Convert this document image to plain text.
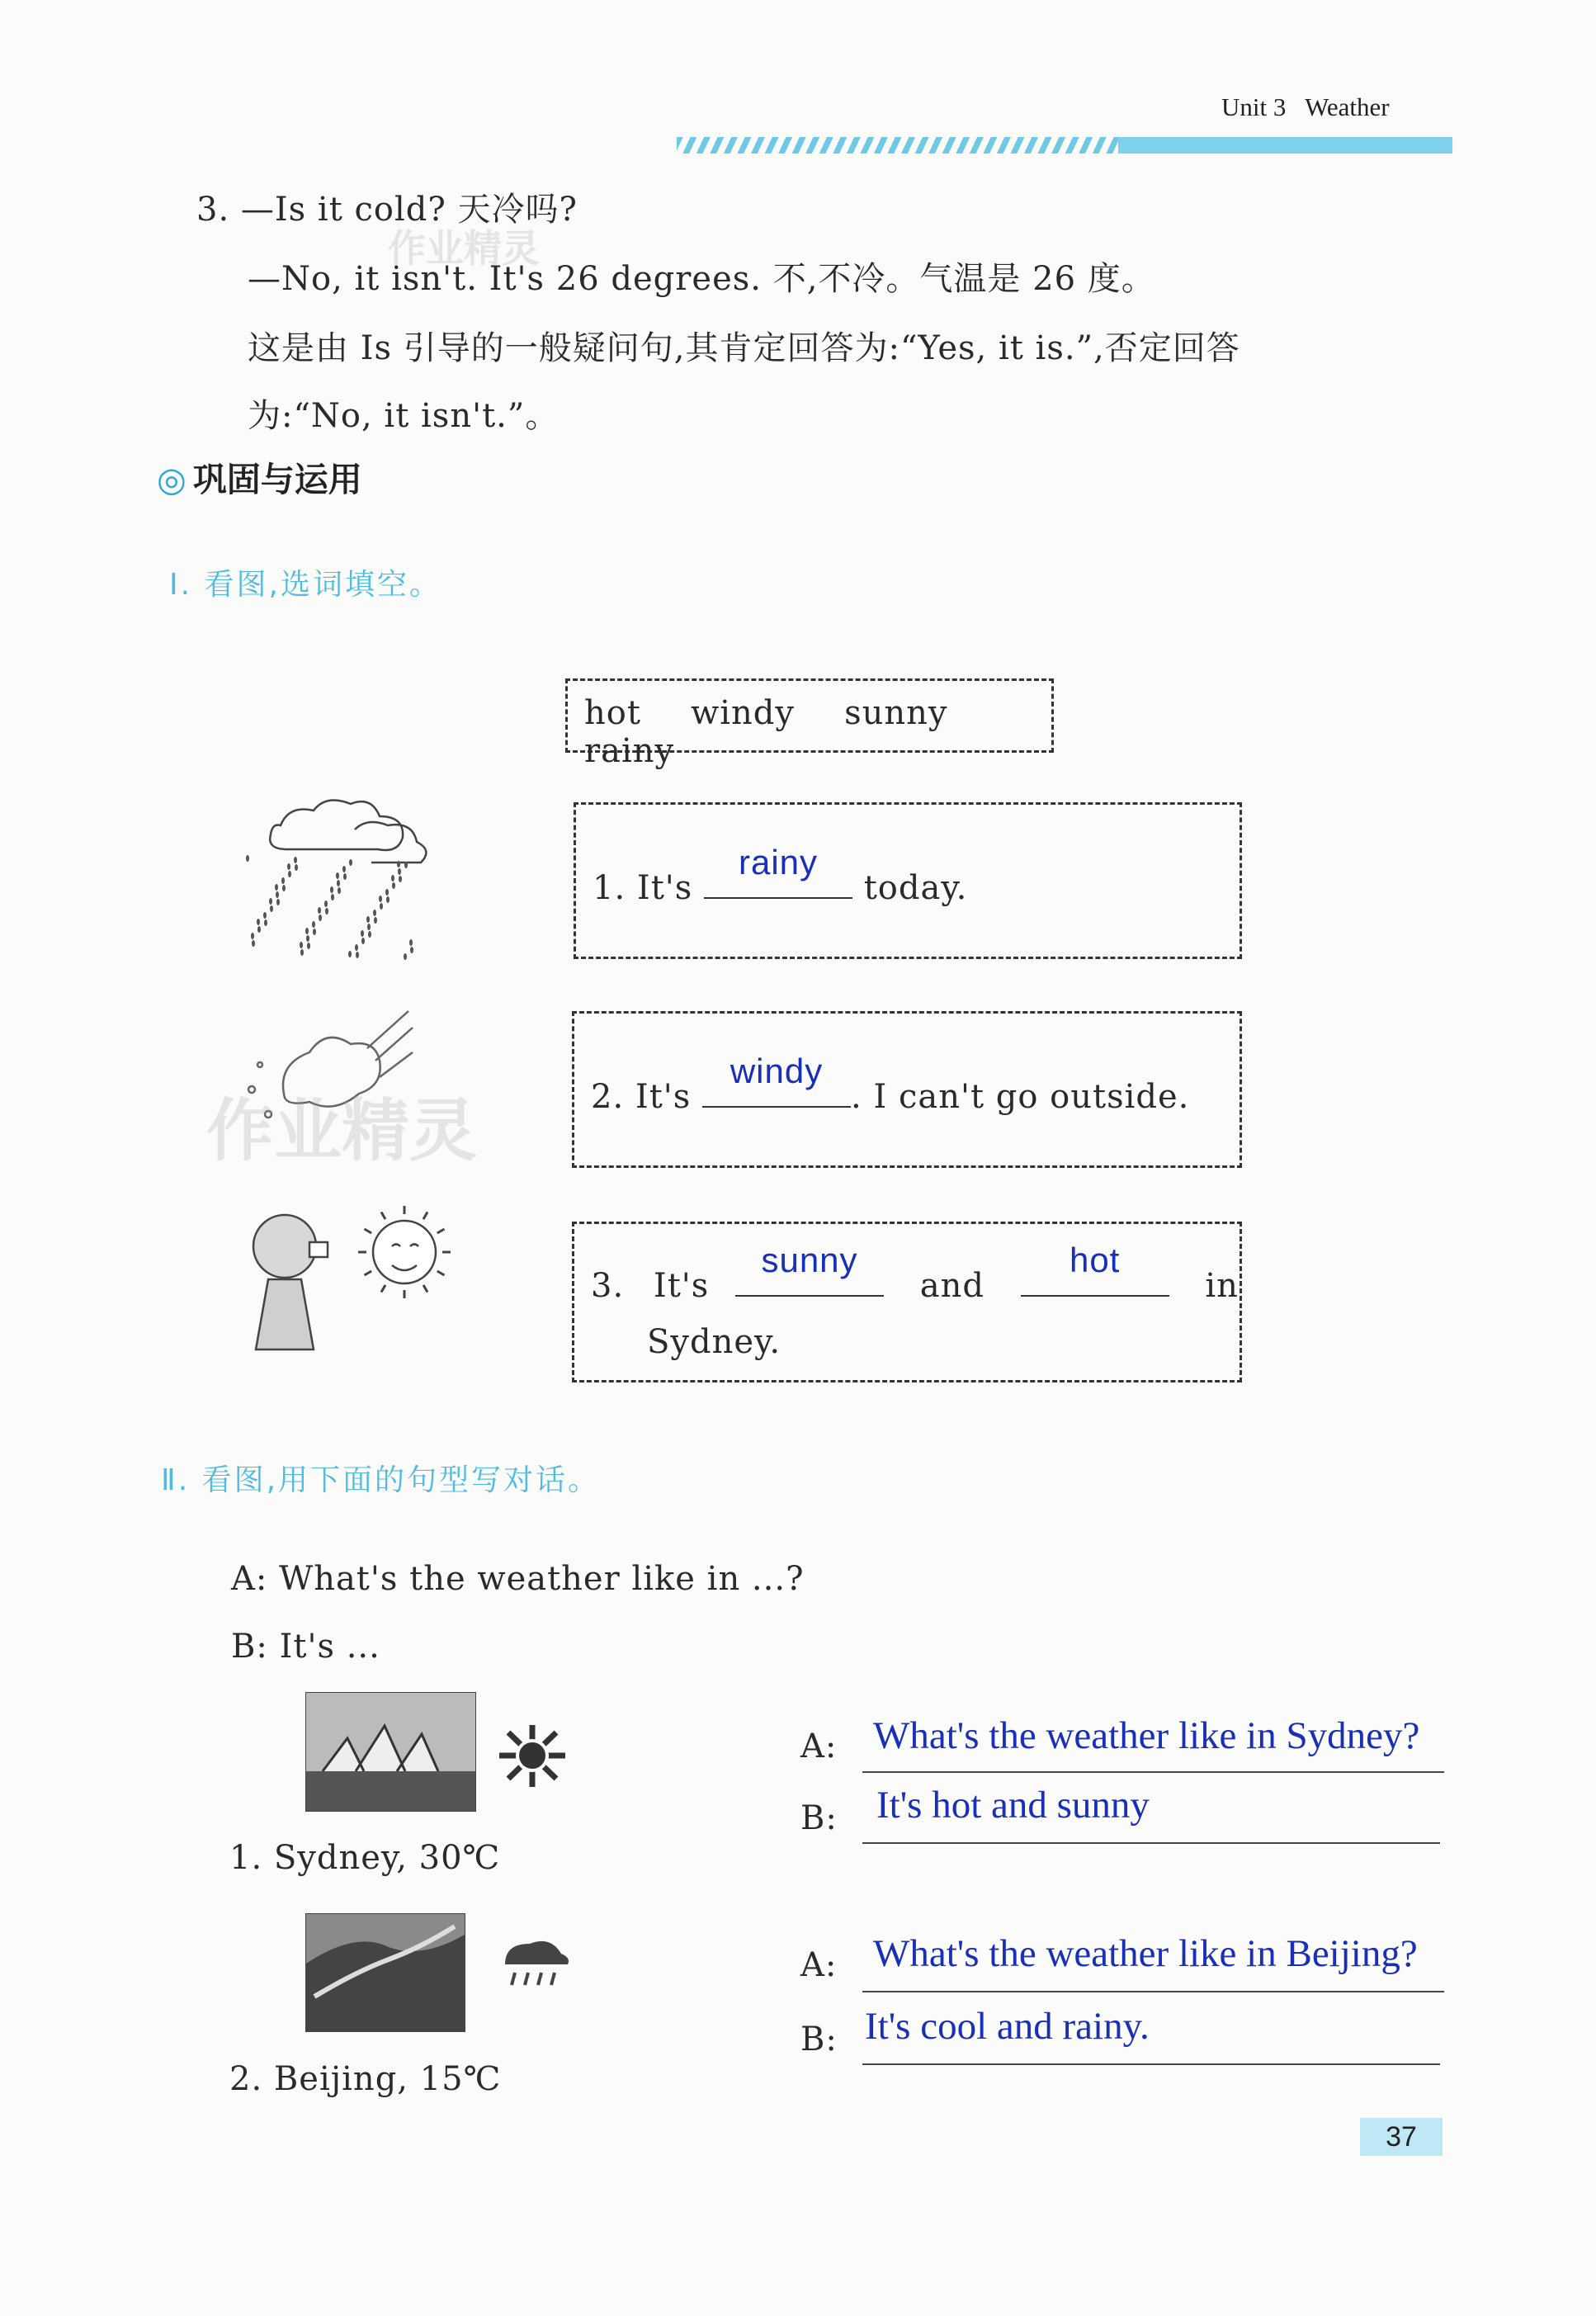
Unit 3 Weather
3. —Is it cold? 天冷吗?
—No, it isn't. It's 26 degrees. 不,不冷。气温是 26 度。
这是由 Is 引导的一般疑问句,其肯定回答为:“Yes, it is.”,否定回答
为:“No, it isn't.”。
◎ 巩固与运用
Ⅰ. 看图,选词填空。
hot windy sunny rainy
作业精灵
作业精灵
1. It's
rainy
today.
2. It's
windy
. I can't go outside.
3. It's
sunny
and
hot
in
Sydney.
Ⅱ. 看图,用下面的句型写对话。
A: What's the weather like in ...?
B: It's ...
1. Sydney, 30℃
A: What's the weather like in Sydney?
B: It's hot and sunny
2. Beijing, 15℃
A: What's the weather like in Beijing?
B: It's cool and rainy.
37
